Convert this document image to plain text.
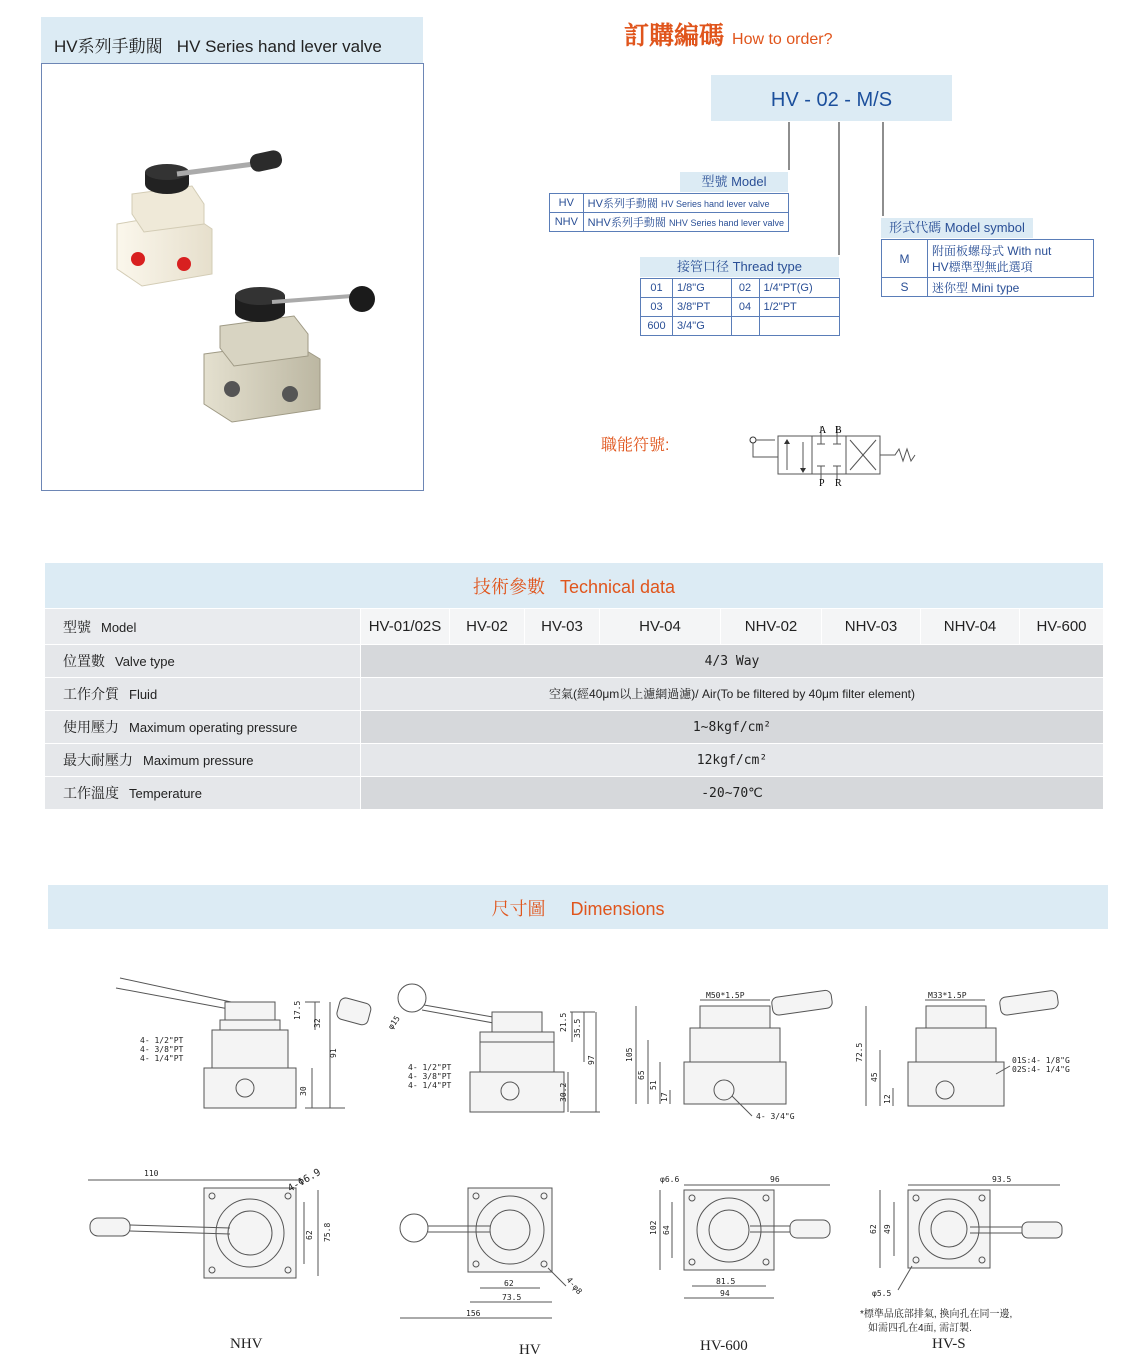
HV系列手動閥 HV Series hand lever valve	訂購編碼 How to order?
HV - 02 - M/S
型號 Model
HV	HV系列手動閥 HV Series hand lever valve
NHV	NHV系列手動閥 NHV Series hand lever valve
接管口径 Thread type
01	1/8"G	02	1/4"PT(G)
03	3/8"PT	04	1/2"PT
600	3/4"G		
形式代碼 Model symbol
M	附面板螺母式 With nut
HV標準型無此選項

S	迷你型 Mini type
職能符號:
A B
P R
技術參數 Technical data
型號 Model	HV-01/02S	HV-02	HV-03	HV-04	NHV-02	NHV-03	NHV-04	HV-600
位置數 Valve type	4/3 Way
工作介質 Fluid	空氣(經40μm以上濾網過濾)/ Air(To be filtered by 40μm filter element)
使用壓力 Maximum operating pressure	1~8kgf/cm²
最大耐壓力 Maximum pressure	12kgf/cm²
工作溫度 Temperature	-20~70℃
尺寸圖 Dimensions
4- 1/2"PT
4- 3/8"PT
4- 1/4"PT
17.5
32
91
30
φ15
4- 1/2"PT
4- 3/8"PT
4- 1/4"PT
21.5 35.5
97
30.2
M50*1.5P
105
65
51
17
4- 3/4"G
M33*1.5P
72.5
45
12
01S:4- 1/8"G
02S:4- 1/4"G
110	4-Φ6.9
62 75.8
4-φ8
62
73.5
156
φ6.6	96
102 64
81.5
94
93.5
62 49
φ5.5
*標準品底部排氣, 換向孔在同一邊,
如需四孔在4面, 需訂製.
NHV	HV	HV-600	HV-S
